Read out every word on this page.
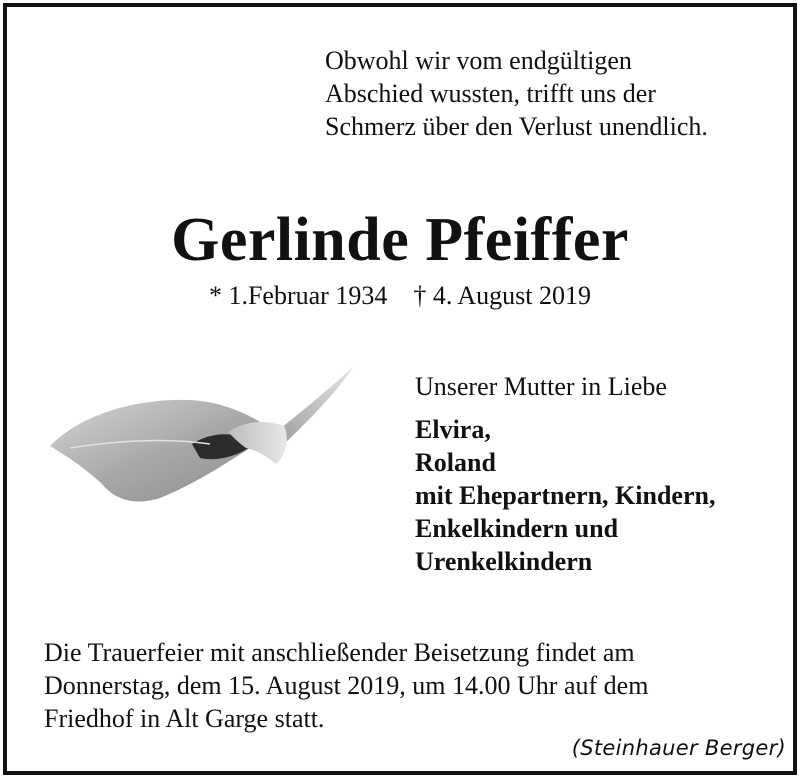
Obwohl wir vom endgültigen
Abschied wussten, trifft uns der
Schmerz über den Verlust unendlich.
Gerlinde Pfeiffer
* 1.Februar 1934 † 4. August 2019
Unserer Mutter in Liebe
Elvira,
Roland
mit Ehepartnern, Kindern,
Enkelkindern und
Urenkelkindern
Die Trauerfeier mit anschließender Beisetzung findet am
Donnerstag, dem 15. August 2019, um 14.00 Uhr auf dem
Friedhof in Alt Garge statt.
(Steinhauer Berger)
